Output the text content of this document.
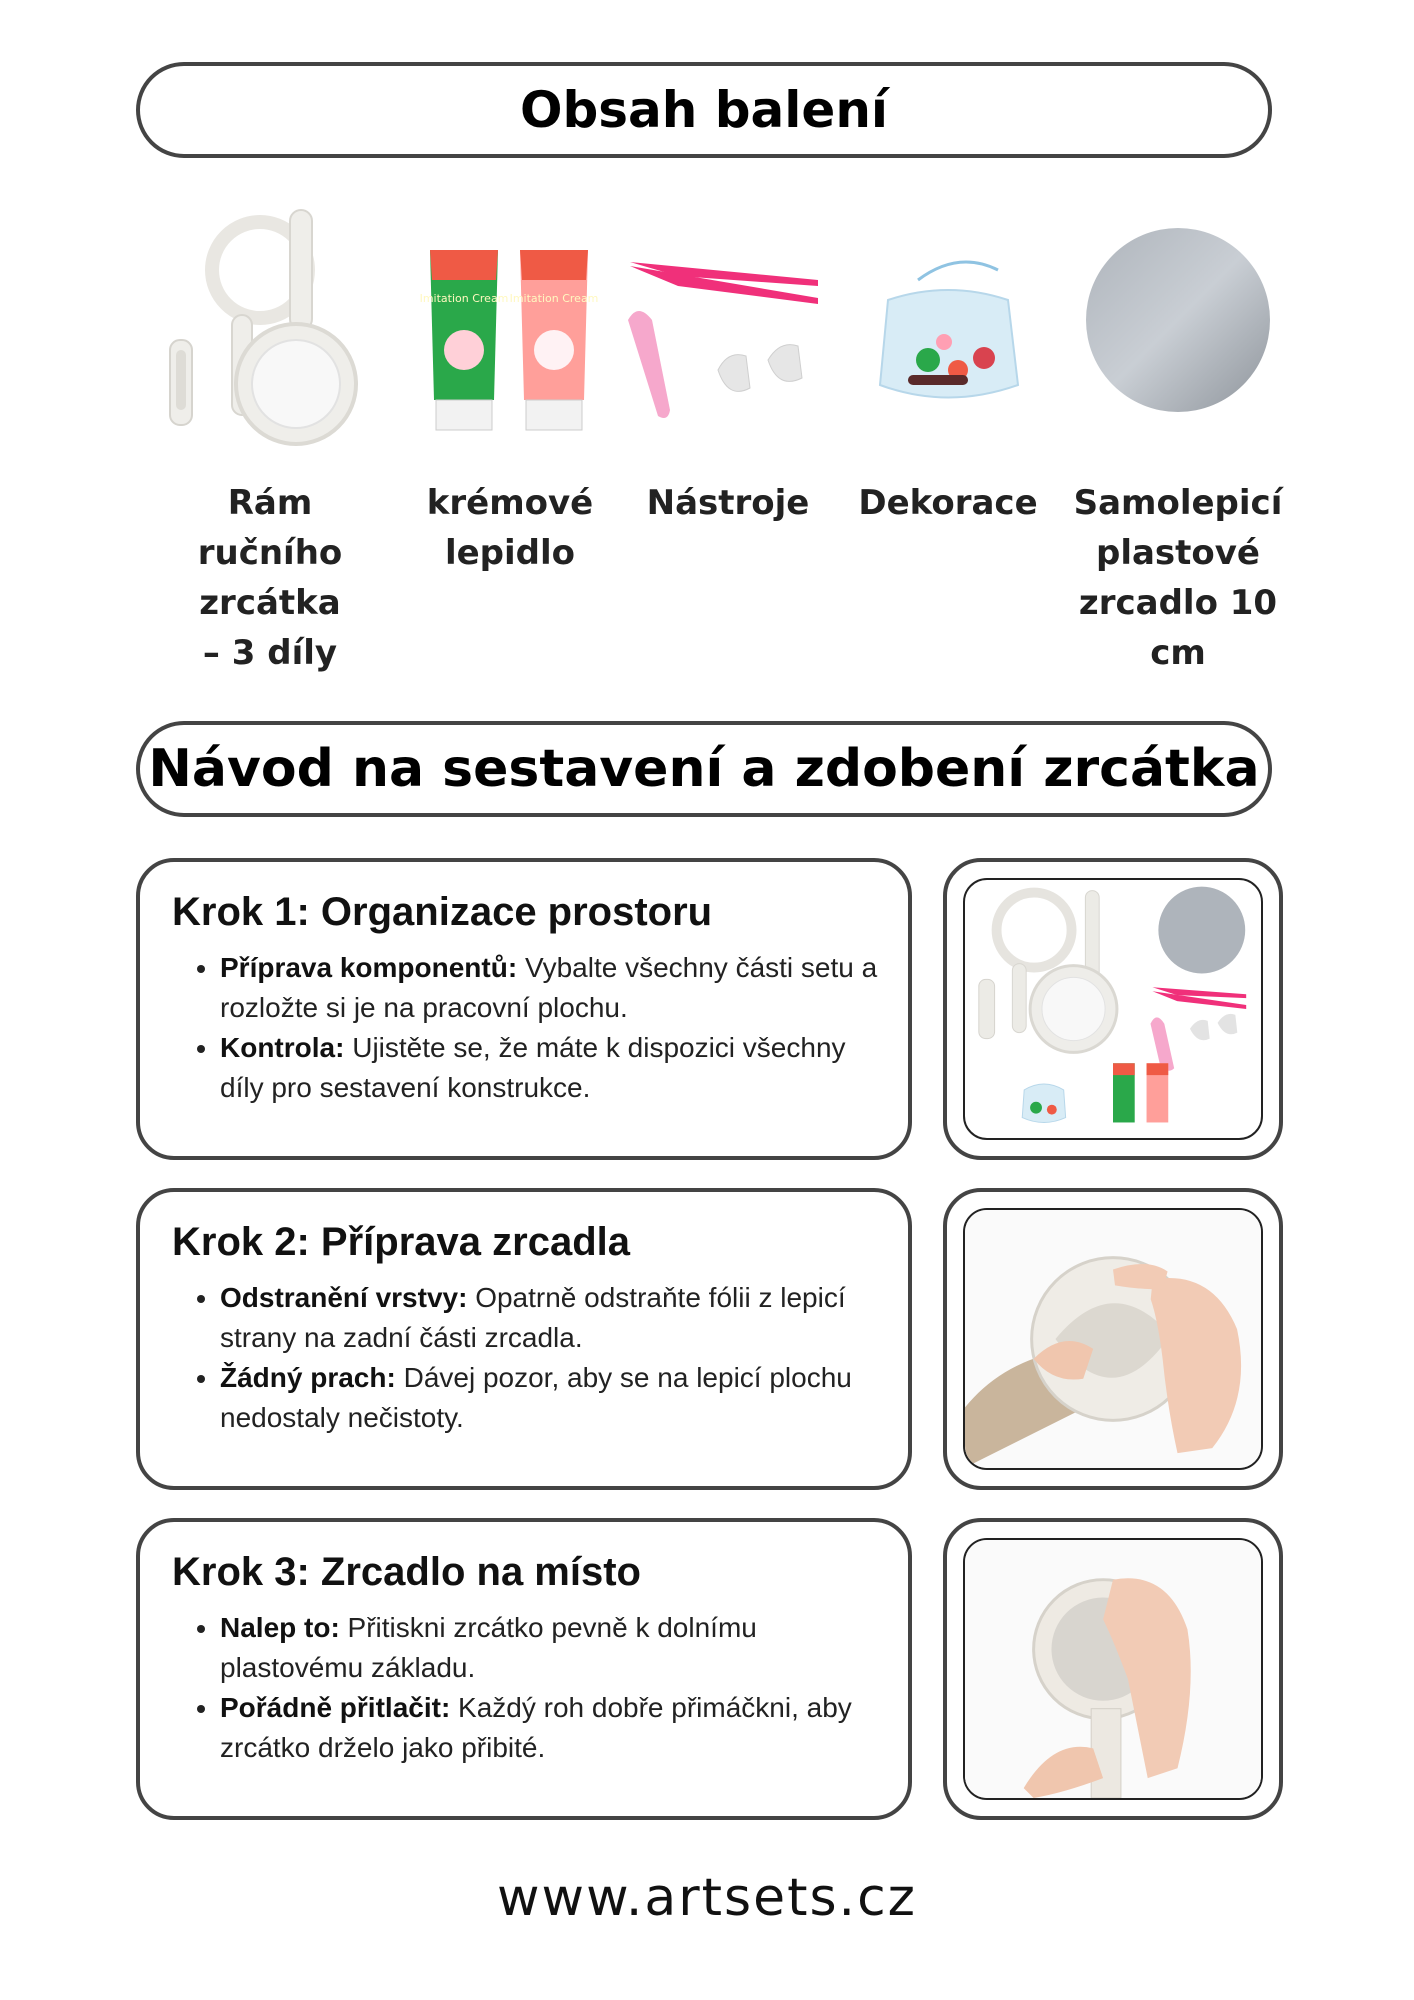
Obsah balení
Rám ručního
zrcátka
– 3 díly
Imitation Cream Imitation Cream
krémové
lepidlo
Nástroje	Dekorace	Samolepicí
plastové
zrcadlo 10 cm
Návod na sestavení a zdobení zrcátka
Krok 1: Organizace prostoru
• Příprava komponentů: Vybalte všechny části setu a rozložte si je na pracovní plochu.
• Kontrola: Ujistěte se, že máte k dispozici všechny díly pro sestavení konstrukce.
Krok 2: Příprava zrcadla
• Odstranění vrstvy: Opatrně odstraňte fólii z lepicí strany na zadní části zrcadla.
• Žádný prach: Dávej pozor, aby se na lepicí plochu nedostaly nečistoty.
Krok 3: Zrcadlo na místo
• Nalep to: Přitiskni zrcátko pevně k dolnímu plastovému základu.
• Pořádně přitlačit: Každý roh dobře přimáčkni, aby zrcátko drželo jako přibité.
www.artsets.cz
